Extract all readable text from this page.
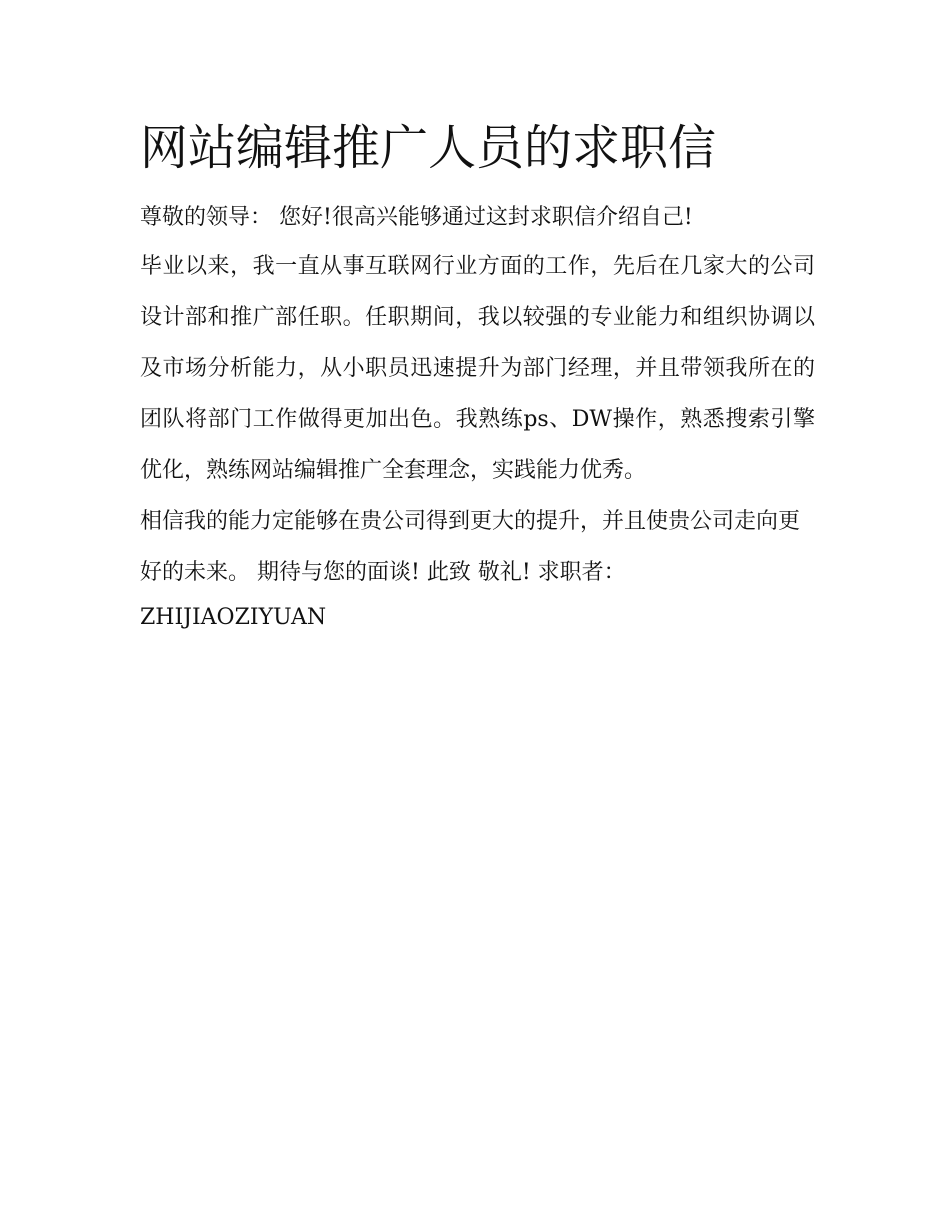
网站编辑推广人员的求职信

尊敬的领导： 您好!很高兴能够通过这封求职信介绍自己!

毕业以来，我一直从事互联网行业方面的工作，先后在几家大的公司设计部和推广部任职。任职期间，我以较强的专业能力和组织协调以及市场分析能力，从小职员迅速提升为部门经理，并且带领我所在的团队将部门工作做得更加出色。我熟练ps、DW操作，熟悉搜索引擎优化，熟练网站编辑推广全套理念，实践能力优秀。

相信我的能力定能够在贵公司得到更大的提升，并且使贵公司走向更好的未来。 期待与您的面谈! 此致 敬礼! 求职者：

ZHIJIAOZIYUAN
